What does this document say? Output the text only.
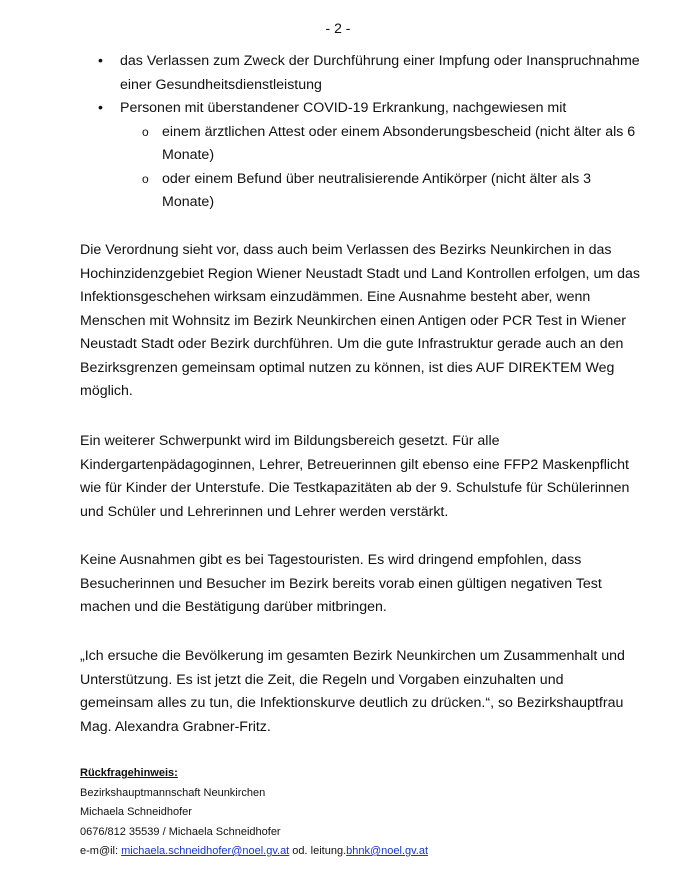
- 2 -

• das Verlassen zum Zweck der Durchführung einer Impfung oder Inanspruchnahme einer Gesundheitsdienstleistung

• Personen mit überstandener COVID-19 Erkrankung, nachgewiesen mit

o einem ärztlichen Attest oder einem Absonderungsbescheid (nicht älter als 6 Monate)

o oder einem Befund über neutralisierende Antikörper (nicht älter als 3 Monate)

Die Verordnung sieht vor, dass auch beim Verlassen des Bezirks Neunkirchen in das Hochinzidenzgebiet Region Wiener Neustadt Stadt und Land Kontrollen erfolgen, um das Infektionsgeschehen wirksam einzudämmen. Eine Ausnahme besteht aber, wenn Menschen mit Wohnsitz im Bezirk Neunkirchen einen Antigen oder PCR Test in Wiener Neustadt Stadt oder Bezirk durchführen. Um die gute Infrastruktur gerade auch an den Bezirksgrenzen gemeinsam optimal nutzen zu können, ist dies AUF DIREKTEM Weg möglich.

Ein weiterer Schwerpunkt wird im Bildungsbereich gesetzt. Für alle Kindergartenpädagoginnen, Lehrer, Betreuerinnen gilt ebenso eine FFP2 Maskenpflicht wie für Kinder der Unterstufe. Die Testkapazitäten ab der 9. Schulstufe für Schülerinnen und Schüler und Lehrerinnen und Lehrer werden verstärkt.

Keine Ausnahmen gibt es bei Tagestouristen. Es wird dringend empfohlen, dass Besucherinnen und Besucher im Bezirk bereits vorab einen gültigen negativen Test machen und die Bestätigung darüber mitbringen.

„Ich ersuche die Bevölkerung im gesamten Bezirk Neunkirchen um Zusammenhalt und Unterstützung. Es ist jetzt die Zeit, die Regeln und Vorgaben einzuhalten und gemeinsam alles zu tun, die Infektionskurve deutlich zu drücken.“, so Bezirkshauptfrau Mag. Alexandra Grabner-Fritz.

Rückfragehinweis:
Bezirkshauptmannschaft Neunkirchen
Michaela Schneidhofer
0676/812 35539 / Michaela Schneidhofer
e-m@il: michaela.schneidhofer@noel.gv.at od. leitung.bhnk@noel.gv.at
